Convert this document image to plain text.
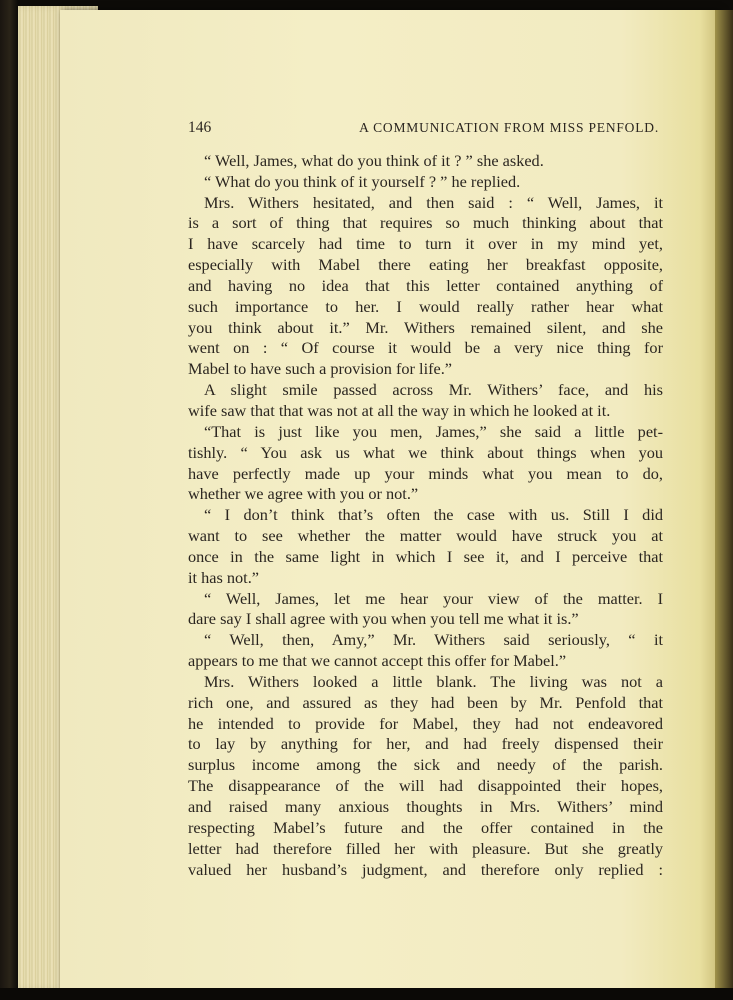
146	A COMMUNICATION FROM MISS PENFOLD.
“ Well, James, what do you think of it ? ” she asked.
“ What do you think of it yourself ? ” he replied.
Mrs. Withers hesitated, and then said : “ Well, James, it
is a sort of thing that requires so much thinking about that
I have scarcely had time to turn it over in my mind yet,
especially with Mabel there eating her breakfast opposite,
and having no idea that this letter contained anything of
such importance to her. I would really rather hear what
you think about it.” Mr. Withers remained silent, and she
went on : “ Of course it would be a very nice thing for
Mabel to have such a provision for life.”
A slight smile passed across Mr. Withers’ face, and his
wife saw that that was not at all the way in which he looked at it.
“That is just like you men, James,” she said a little pet-
tishly. “ You ask us what we think about things when you
have perfectly made up your minds what you mean to do,
whether we agree with you or not.”
“ I don’t think that’s often the case with us. Still I did
want to see whether the matter would have struck you at
once in the same light in which I see it, and I perceive that
it has not.”
“ Well, James, let me hear your view of the matter. I
dare say I shall agree with you when you tell me what it is.”
“ Well, then, Amy,” Mr. Withers said seriously, “ it
appears to me that we cannot accept this offer for Mabel.”
Mrs. Withers looked a little blank. The living was not a
rich one, and assured as they had been by Mr. Penfold that
he intended to provide for Mabel, they had not endeavored
to lay by anything for her, and had freely dispensed their
surplus income among the sick and needy of the parish.
The disappearance of the will had disappointed their hopes,
and raised many anxious thoughts in Mrs. Withers’ mind
respecting Mabel’s future and the offer contained in the
letter had therefore filled her with pleasure. But she greatly
valued her husband’s judgment, and therefore only replied :
